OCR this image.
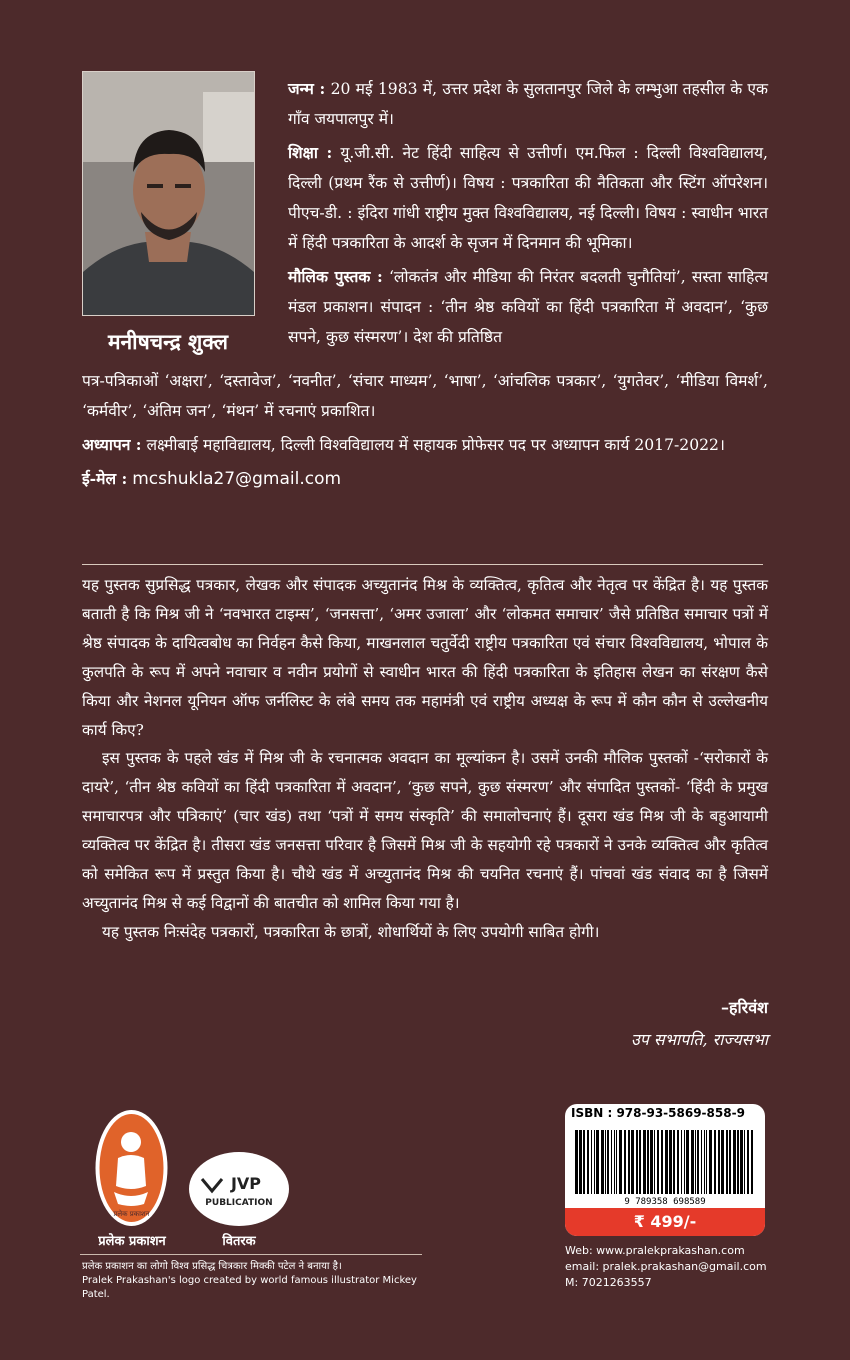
मनीषचन्द्र शुक्ल

जन्म : 20 मई 1983 में, उत्तर प्रदेश के सुलतानपुर जिले के लम्भुआ तहसील के एक गाँव जयपालपुर में।

शिक्षा : यू.जी.सी. नेट हिंदी साहित्य से उत्तीर्ण। एम.फिल : दिल्ली विश्वविद्यालय, दिल्ली (प्रथम रैंक से उत्तीर्ण)। विषय : पत्रकारिता की नैतिकता और स्टिंग ऑपरेशन। पीएच-डी. : इंदिरा गांधी राष्ट्रीय मुक्त विश्वविद्यालय, नई दिल्ली। विषय : स्वाधीन भारत में हिंदी पत्रकारिता के आदर्श के सृजन में दिनमान की भूमिका।

मौलिक पुस्तक : ‘लोकतंत्र और मीडिया की निरंतर बदलती चुनौतियां’, सस्ता साहित्य मंडल प्रकाशन। संपादन : ‘तीन श्रेष्ठ कवियों का हिंदी पत्रकारिता में अवदान’, ‘कुछ सपने, कुछ संस्मरण’। देश की प्रतिष्ठित

पत्र-पत्रिकाओं ‘अक्षरा’, ‘दस्तावेज’, ‘नवनीत’, ‘संचार माध्यम’, ‘भाषा’, ‘आंचलिक पत्रकार’, ‘युगतेवर’, ‘मीडिया विमर्श’, ‘कर्मवीर’, ‘अंतिम जन’, ‘मंथन’ में रचनाएं प्रकाशित।

अध्यापन : लक्ष्मीबाई महाविद्यालय, दिल्ली विश्वविद्यालय में सहायक प्रोफेसर पद पर अध्यापन कार्य 2017-2022।

ई-मेल : mcshukla27@gmail.com

यह पुस्तक सुप्रसिद्ध पत्रकार, लेखक और संपादक अच्युतानंद मिश्र के व्यक्तित्व, कृतित्व और नेतृत्व पर केंद्रित है। यह पुस्तक बताती है कि मिश्र जी ने ‘नवभारत टाइम्स’, ‘जनसत्ता’, ‘अमर उजाला’ और ‘लोकमत समाचार’ जैसे प्रतिष्ठित समाचार पत्रों में श्रेष्ठ संपादक के दायित्वबोध का निर्वहन कैसे किया, माखनलाल चतुर्वेदी राष्ट्रीय पत्रकारिता एवं संचार विश्वविद्यालय, भोपाल के कुलपति के रूप में अपने नवाचार व नवीन प्रयोगों से स्वाधीन भारत की हिंदी पत्रकारिता के इतिहास लेखन का संरक्षण कैसे किया और नेशनल यूनियन ऑफ जर्नलिस्ट के लंबे समय तक महामंत्री एवं राष्ट्रीय अध्यक्ष के रूप में कौन कौन से उल्लेखनीय कार्य किए?

इस पुस्तक के पहले खंड में मिश्र जी के रचनात्मक अवदान का मूल्यांकन है। उसमें उनकी मौलिक पुस्तकों -‘सरोकारों के दायरे’, ‘तीन श्रेष्ठ कवियों का हिंदी पत्रकारिता में अवदान’, ‘कुछ सपने, कुछ संस्मरण’ और संपादित पुस्तकों- ‘हिंदी के प्रमुख समाचारपत्र और पत्रिकाएं’ (चार खंड) तथा ‘पत्रों में समय संस्कृति’ की समालोचनाएं हैं। दूसरा खंड मिश्र जी के बहुआयामी व्यक्तित्व पर केंद्रित है। तीसरा खंड जनसत्ता परिवार है जिसमें मिश्र जी के सहयोगी रहे पत्रकारों ने उनके व्यक्तित्व और कृतित्व को समेकित रूप में प्रस्तुत किया है। चौथे खंड में अच्युतानंद मिश्र की चयनित रचनाएं हैं। पांचवां खंड संवाद का है जिसमें अच्युतानंद मिश्र से कई विद्वानों की बातचीत को शामिल किया गया है।

यह पुस्तक निःसंदेह पत्रकारों, पत्रकारिता के छात्रों, शोधार्थियों के लिए उपयोगी साबित होगी।

–हरिवंश
उप सभापति, राज्यसभा
प्रलेक प्रकाशन
प्रलेक प्रकाशन
JVP
PUBLICATION
वितरक
प्रलेक प्रकाशन का लोगो विश्व प्रसिद्ध चित्रकार मिक्की पटेल ने बनाया है।
Pralek Prakashan's logo created by world famous illustrator Mickey Patel.
ISBN : 978-93-5869-858-9
9 789358 698589
₹ 499/-
Web: www.pralekprakashan.com
email: pralek.prakashan@gmail.com
M: 7021263557
